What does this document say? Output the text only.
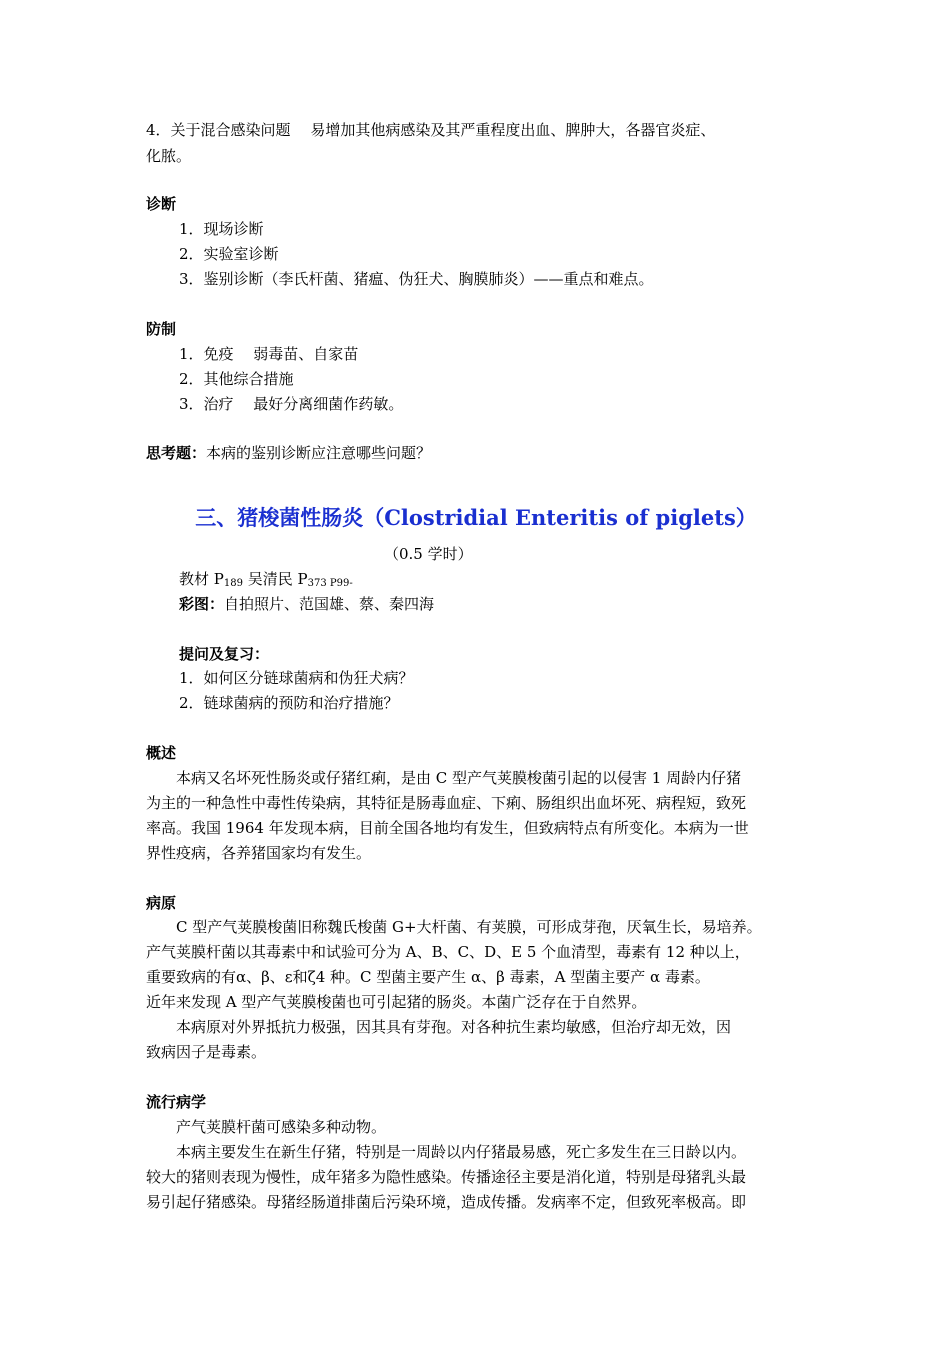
4．关于混合感染问题　 易增加其他病感染及其严重程度出血、脾肿大，各器官炎症、
化脓。
诊断
1．现场诊断
2．实验室诊断
3．鉴别诊断（李氏杆菌、猪瘟、伪狂犬、胸膜肺炎）——重点和难点。
防制
1．免疫　 弱毒苗、自家苗
2．其他综合措施
3．治疗　 最好分离细菌作药敏。
思考题：本病的鉴别诊断应注意哪些问题？
三、猪梭菌性肠炎（Clostridial Enteritis of piglets）
（0.5 学时）
教材 $P_{189}$ 吴清民 $P_{373 P99-}$
彩图：自拍照片、范国雄、蔡、秦四海
提问及复习：
1．如何区分链球菌病和伪狂犬病？
2．链球菌病的预防和治疗措施？
概述
　　本病又名坏死性肠炎或仔猪红痢，是由 C 型产气荚膜梭菌引起的以侵害 1 周龄内仔猪
为主的一种急性中毒性传染病，其特征是肠毒血症、下痢、肠组织出血坏死、病程短，致死
率高。我国 1964 年发现本病，目前全国各地均有发生，但致病特点有所变化。本病为一世
界性疫病，各养猪国家均有发生。
病原
　　C 型产气荚膜梭菌旧称魏氏梭菌 G+大杆菌、有荚膜，可形成芽孢，厌氧生长，易培养。
产气荚膜杆菌以其毒素中和试验可分为 A、B、C、D、E 5 个血清型，毒素有 12 种以上，
重要致病的有α、β、ε和ζ4 种。C 型菌主要产生 α、β 毒素，A 型菌主要产 α 毒素。
近年来发现 A 型产气荚膜梭菌也可引起猪的肠炎。本菌广泛存在于自然界。
　　本病原对外界抵抗力极强，因其具有芽孢。对各种抗生素均敏感，但治疗却无效，因
致病因子是毒素。
流行病学
　　产气荚膜杆菌可感染多种动物。
　　本病主要发生在新生仔猪，特别是一周龄以内仔猪最易感，死亡多发生在三日龄以内。
较大的猪则表现为慢性，成年猪多为隐性感染。传播途径主要是消化道，特别是母猪乳头最
易引起仔猪感染。母猪经肠道排菌后污染环境，造成传播。发病率不定，但致死率极高。即
